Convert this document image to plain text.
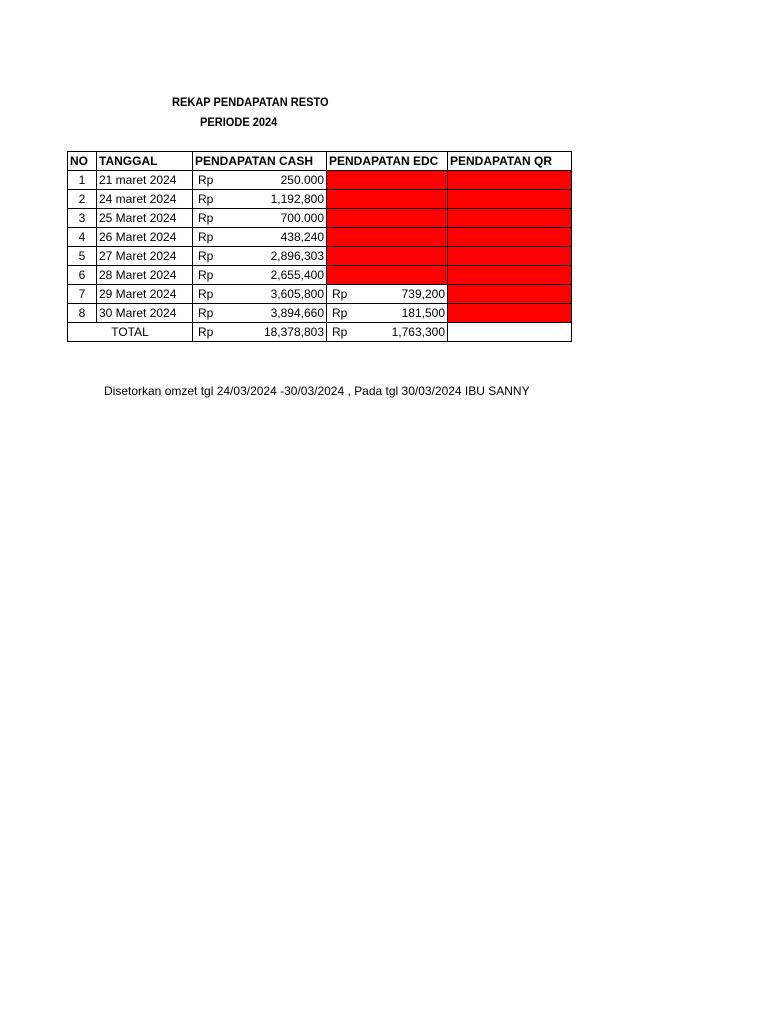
REKAP PENDAPATAN RESTO
PERIODE 2024
NO	TANGGAL	PENDAPATAN CASH	PENDAPATAN EDC	PENDAPATAN QR
1	21 maret 2024	Rp 250.000		

2	24 maret 2024	Rp 1,192,800		

3	25 Maret 2024	Rp 700.000		

4	26 Maret 2024	Rp 438,240		

5	27 Maret 2024	Rp 2,896,303		

6	28 Maret 2024	Rp 2,655,400		

7	29 Maret 2024	Rp 3,605,800	Rp 739,200	

8	30 Maret 2024	Rp 3,894,660	Rp 181,500	

TOTAL		Rp 18,378,803	Rp 1,763,300	

Disetorkan omzet tgl 24/03/2024 -30/03/2024 , Pada tgl 30/03/2024 IBU SANNY
